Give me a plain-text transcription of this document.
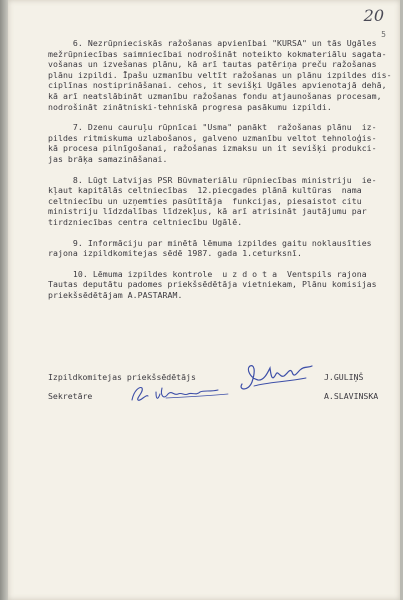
20
5
6. Nezrūpnieciskās ražošanas apvienībai "KURSA" un tās Ugāles
mežrūpniecības saimniecībai nodrošināt noteikto kokmateriālu sagata-
vošanas un izvešanas plānu, kā arī tautas patēriņa preču ražošanas
plānu izpildi. Īpašu uzmanību veltīt ražošanas un plānu izpildes dis-
ciplīnas nostiprināšanai. cehos, it sevišķi Ugāles apvienotajā dehā,
kā arī neatslābināt uzmanību ražošanas fondu atjaunošanas procesam,
nodrošināt zinātniski-tehniskā progresa pasākumu izpildi.
7. Dzenu cauruļu rūpnīcai "Usma" panākt  ražošanas plānu  iz-
pildes ritmiskuma uzlabošanos, galveno uzmanību veltot tehnoloģis-
kā procesa pilnīgošanai, ražošanas izmaksu un it sevišķi produkci-
jas brāķa samazināšanai.
8. Lūgt Latvijas PSR Būvmateriālu rūpniecības ministriju  ie-
kļaut kapitālās celtniecības  12.piecgades plānā kultūras  nama
celtniecību un uzņemties pasūtītāja  funkcijas, piesaistot citu
ministriju līdzdalības līdzekļus, kā arī atrisināt jautājumu par
tirdzniecības centra celtniecību Ugālē.
9. Informāciju par minētā lēmuma izpildes gaitu noklausīties
rajona izpildkomitejas sēdē 1987. gada 1.ceturksnī.
10. Lēmuma izpildes kontrole  u z d o t a  Ventspils rajona
Tautas deputātu padomes priekšsēdētāja vietniekam, Plānu komisijas
priekšsēdētājam A.PASTARAM.
Izpildkomitejas priekšsēdētājs	J.GULIŅŠ
Sekretāre	A.SLAVINSKA
